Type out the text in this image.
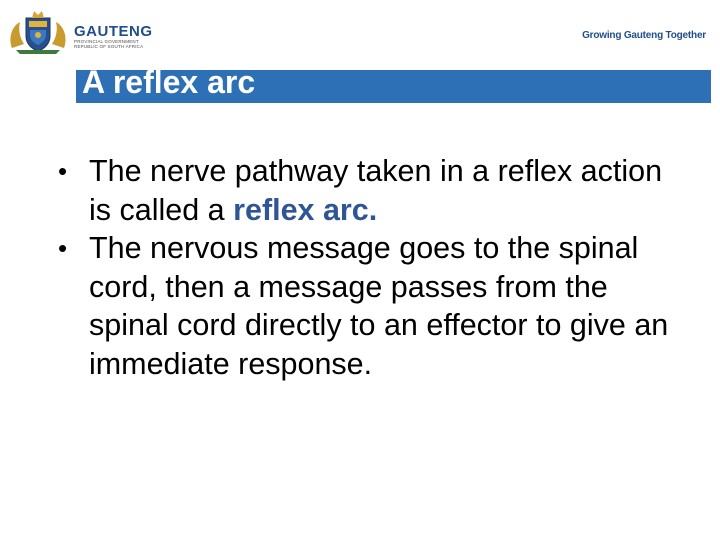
GAUTENG
PROVINCIAL GOVERNMENT
REPUBLIC OF SOUTH AFRICA
Growing Gauteng Together
A reflex arc
• The nerve pathway taken in a reflex action is called a reflex arc.
• The nervous message goes to the spinal cord, then a message passes from the spinal cord directly to an effector to give an immediate response.
